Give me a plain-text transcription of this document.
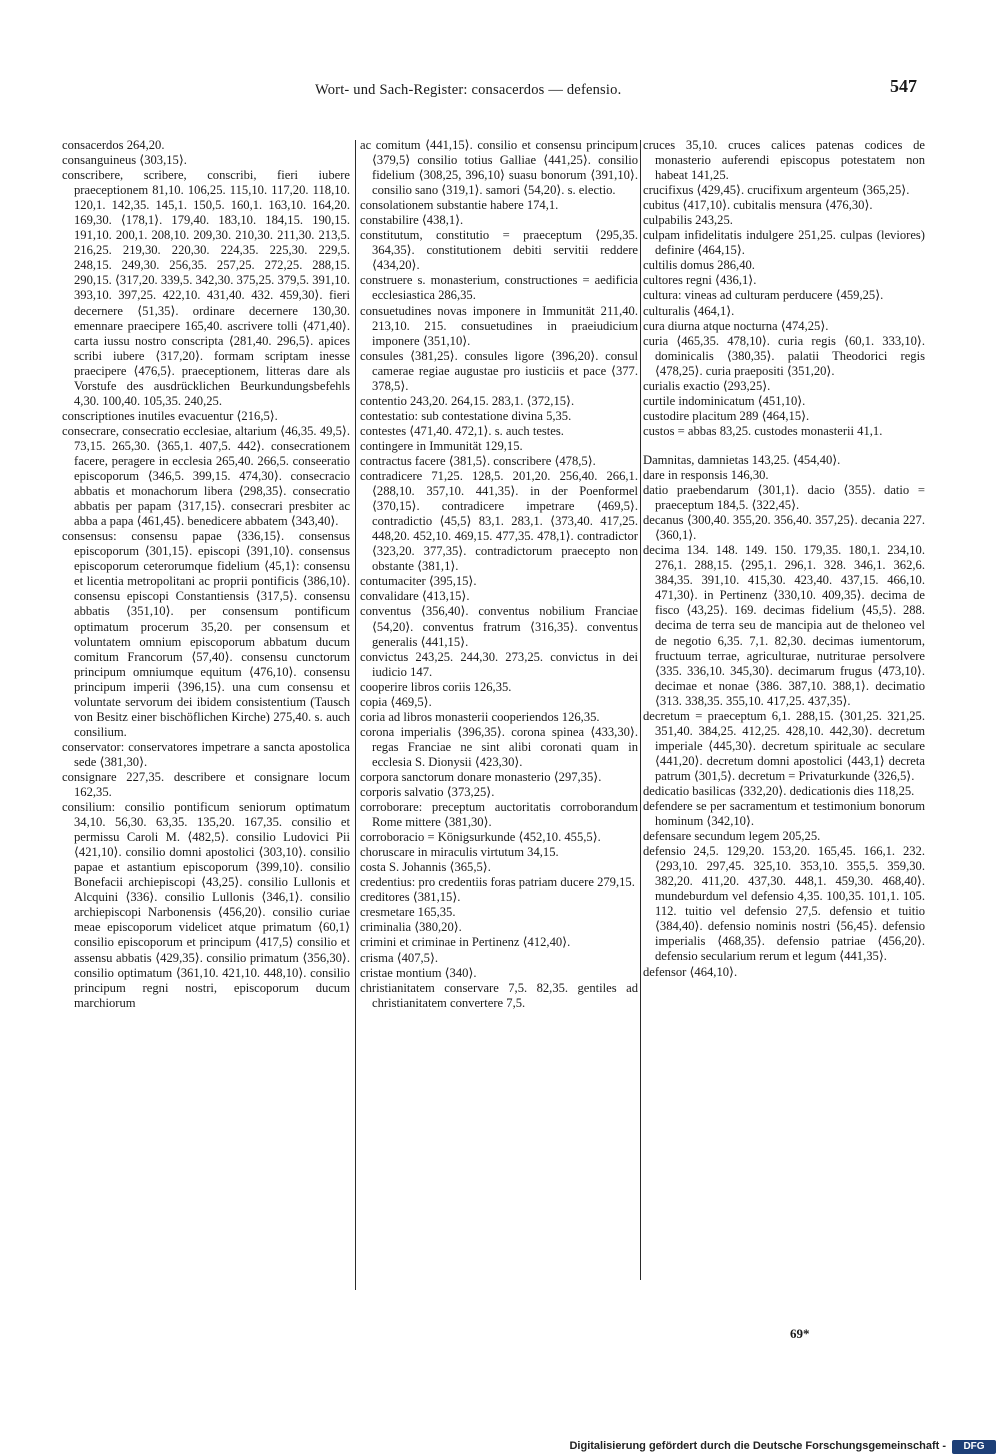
Wort- und Sach-Register: consacerdos — defensio.	547

consacerdos 264,20.

consanguineus ⟨303,15⟩.

conscribere, scribere, conscribi, fieri iubere praeceptionem 81,10. 106,25. 115,10. 117,20. 118,10. 120,1. 142,35. 145,1. 150,5. 160,1. 163,10. 164,20. 169,30. ⟨178,1⟩. 179,40. 183,10. 184,15. 190,15. 191,10. 200,1. 208,10. 209,30. 210,30. 211,30. 213,5. 216,25. 219,30. 220,30. 224,35. 225,30. 229,5. 248,15. 249,30. 256,35. 257,25. 272,25. 288,15. 290,15. ⟨317,20. 339,5. 342,30. 375,25. 379,5. 391,10. 393,10. 397,25. 422,10. 431,40. 432. 459,30⟩. fieri decernere ⟨51,35⟩. ordinare decernere 130,30. emennare praecipere 165,40. ascrivere tolli ⟨471,40⟩. carta iussu nostro conscripta ⟨281,40. 296,5⟩. apices scribi iubere ⟨317,20⟩. formam scriptam inesse praecipere ⟨476,5⟩. praeceptionem, litteras dare als Vorstufe des ausdrücklichen Beurkundungsbefehls 4,30. 100,40. 105,35. 240,25.

conscriptiones inutiles evacuentur ⟨216,5⟩.

consecrare, consecratio ecclesiae, altarium ⟨46,35. 49,5⟩. 73,15. 265,30. ⟨365,1. 407,5. 442⟩. consecrationem facere, peragere in ecclesia 265,40. 266,5. conseeratio episcoporum ⟨346,5. 399,15. 474,30⟩. consecracio abbatis et monachorum libera ⟨298,35⟩. consecratio abbatis per papam ⟨317,15⟩. consecrari presbiter ac abba a papa ⟨461,45⟩. benedicere abbatem ⟨343,40⟩.

consensus: consensu papae ⟨336,15⟩. consensus episcoporum ⟨301,15⟩. episcopi ⟨391,10⟩. consensus episcoporum ceterorumque fidelium ⟨45,1⟩: consensu et licentia metropolitani ac proprii pontificis ⟨386,10⟩. consensu episcopi Constantiensis ⟨317,5⟩. consensu abbatis ⟨351,10⟩. per consensum pontificum optimatum procerum 35,20. per consensum et voluntatem omnium episcoporum abbatum ducum comitum Francorum ⟨57,40⟩. consensu cunctorum principum omniumque equitum ⟨476,10⟩. consensu principum imperii ⟨396,15⟩. una cum consensu et voluntate servorum dei ibidem consistentium (Tausch von Besitz einer bischöflichen Kirche) 275,40. s. auch consilium.

conservator: conservatores impetrare a sancta apostolica sede ⟨381,30⟩.

consignare 227,35. describere et consignare locum 162,35.

consilium: consilio pontificum seniorum optimatum 34,10. 56,30. 63,35. 135,20. 167,35. consilio et permissu Caroli M. ⟨482,5⟩. consilio Ludovici Pii ⟨421,10⟩. consilio domni apostolici ⟨303,10⟩. consilio papae et astantium episcoporum ⟨399,10⟩. consilio Bonefacii archiepiscopi ⟨43,25⟩. consilio Lullonis et Alcquini ⟨336⟩. consilio Lullonis ⟨346,1⟩. consilio archiepiscopi Narbonensis ⟨456,20⟩. consilio curiae meae episcoporum videlicet atque primatum ⟨60,1⟩ consilio episcoporum et principum ⟨417,5⟩ consilio et assensu abbatis ⟨429,35⟩. consilio primatum ⟨356,30⟩. consilio optimatum ⟨361,10. 421,10. 448,10⟩. consilio principum regni nostri, episcoporum ducum marchiorum

ac comitum ⟨441,15⟩. consilio et consensu principum ⟨379,5⟩ consilio totius Galliae ⟨441,25⟩. consilio fidelium ⟨308,25, 396,10⟩ suasu bonorum ⟨391,10⟩. consilio sano ⟨319,1⟩. samori ⟨54,20⟩. s. electio.

consolationem substantie habere 174,1.

constabilire ⟨438,1⟩.

constitutum, constitutio = praeceptum ⟨295,35. 364,35⟩. constitutionem debiti servitii reddere ⟨434,20⟩.

construere s. monasterium, constructiones = aedificia ecclesiastica 286,35.

consuetudines novas imponere in Immunität 211,40. 213,10. 215. consuetudines in praeiudicium imponere ⟨351,10⟩.

consules ⟨381,25⟩. consules ligore ⟨396,20⟩. consul camerae regiae augustae pro iusticiis et pace ⟨377. 378,5⟩.

contentio 243,20. 264,15. 283,1. ⟨372,15⟩.

contestatio: sub contestatione divina 5,35.

contestes ⟨471,40. 472,1⟩. s. auch testes.

contingere in Immunität 129,15.

contractus facere ⟨381,5⟩. conscribere ⟨478,5⟩.

contradicere 71,25. 128,5. 201,20. 256,40. 266,1. ⟨288,10. 357,10. 441,35⟩. in der Poenformel ⟨370,15⟩. contradicere impetrare ⟨469,5⟩. contradictio ⟨45,5⟩ 83,1. 283,1. ⟨373,40. 417,25. 448,20. 452,10. 469,15. 477,35. 478,1⟩. contradictor ⟨323,20. 377,35⟩. contradictorum praecepto non obstante ⟨381,1⟩.

contumaciter ⟨395,15⟩.

convalidare ⟨413,15⟩.

conventus ⟨356,40⟩. conventus nobilium Franciae ⟨54,20⟩. conventus fratrum ⟨316,35⟩. conventus generalis ⟨441,15⟩.

convictus 243,25. 244,30. 273,25. convictus in dei iudicio 147.

cooperire libros coriis 126,35.

copia ⟨469,5⟩.

coria ad libros monasterii cooperiendos 126,35.

corona imperialis ⟨396,35⟩. corona spinea ⟨433,30⟩. regas Franciae ne sint alibi coronati quam in ecclesia S. Dionysii ⟨423,30⟩.

corpora sanctorum donare monasterio ⟨297,35⟩.

corporis salvatio ⟨373,25⟩.

corroborare: preceptum auctoritatis corroborandum Rome mittere ⟨381,30⟩.

corroboracio = Königsurkunde ⟨452,10. 455,5⟩.

choruscare in miraculis virtutum 34,15.

costa S. Johannis ⟨365,5⟩.

credentius: pro credentiis foras patriam ducere 279,15.

creditores ⟨381,15⟩.

cresmetare 165,35.

criminalia ⟨380,20⟩.

crimini et criminae in Pertinenz ⟨412,40⟩.

crisma ⟨407,5⟩.

cristae montium ⟨340⟩.

christianitatem conservare 7,5. 82,35. gentiles ad christianitatem convertere 7,5.

cruces 35,10. cruces calices patenas codices de monasterio auferendi episcopus potestatem non habeat 141,25.

crucifixus ⟨429,45⟩. crucifixum argenteum ⟨365,25⟩.

cubitus ⟨417,10⟩. cubitalis mensura ⟨476,30⟩.

culpabilis 243,25.

culpam infidelitatis indulgere 251,25. culpas (leviores) definire ⟨464,15⟩.

cultilis domus 286,40.

cultores regni ⟨436,1⟩.

cultura: vineas ad culturam perducere ⟨459,25⟩.

culturalis ⟨464,1⟩.

cura diurna atque nocturna ⟨474,25⟩.

curia ⟨465,35. 478,10⟩. curia regis ⟨60,1. 333,10⟩. dominicalis ⟨380,35⟩. palatii Theodorici regis ⟨478,25⟩. curia praepositi ⟨351,20⟩.

curialis exactio ⟨293,25⟩.

curtile indominicatum ⟨451,10⟩.

custodire placitum 289 ⟨464,15⟩.

custos = abbas 83,25. custodes monasterii 41,1.

Damnitas, damnietas 143,25. ⟨454,40⟩.

dare in responsis 146,30.

datio praebendarum ⟨301,1⟩. dacio ⟨355⟩. datio = praeceptum 184,5. ⟨322,45⟩.

decanus ⟨300,40. 355,20. 356,40. 357,25⟩. decania 227. ⟨360,1⟩.

decima 134. 148. 149. 150. 179,35. 180,1. 234,10. 276,1. 288,15. ⟨295,1. 296,1. 328. 346,1. 362,6. 384,35. 391,10. 415,30. 423,40. 437,15. 466,10. 471,30⟩. in Pertinenz ⟨330,10. 409,35⟩. decima de fisco ⟨43,25⟩. 169. decimas fidelium ⟨45,5⟩. 288. decima de terra seu de mancipia aut de theloneo vel de negotio 6,35. 7,1. 82,30. decimas iumentorum, fructuum terrae, agriculturae, nutriturae persolvere ⟨335. 336,10. 345,30⟩. decimarum frugus ⟨473,10⟩. decimae et nonae ⟨386. 387,10. 388,1⟩. decimatio ⟨313. 338,35. 355,10. 417,25. 437,35⟩.

decretum = praeceptum 6,1. 288,15. ⟨301,25. 321,25. 351,40. 384,25. 412,25. 428,10. 442,30⟩. decretum imperiale ⟨445,30⟩. decretum spirituale ac seculare ⟨441,20⟩. decretum domni apostolici ⟨443,1⟩ decreta patrum ⟨301,5⟩. decretum = Privaturkunde ⟨326,5⟩.

dedicatio basilicas ⟨332,20⟩. dedicationis dies 118,25.

defendere se per sacramentum et testimonium bonorum hominum ⟨342,10⟩.

defensare secundum legem 205,25.

defensio 24,5. 129,20. 153,20. 165,45. 166,1. 232. ⟨293,10. 297,45. 325,10. 353,10. 355,5. 359,30. 382,20. 411,20. 437,30. 448,1. 459,30. 468,40⟩. mundeburdum vel defensio 4,35. 100,35. 101,1. 105. 112. tuitio vel defensio 27,5. defensio et tuitio ⟨384,40⟩. defensio nominis nostri ⟨56,45⟩. defensio imperialis ⟨468,35⟩. defensio patriae ⟨456,20⟩. defensio secularium rerum et legum ⟨441,35⟩.

defensor ⟨464,10⟩.

69*
Digitalisierung gefördert durch die Deutsche Forschungsgemeinschaft -	DFG
